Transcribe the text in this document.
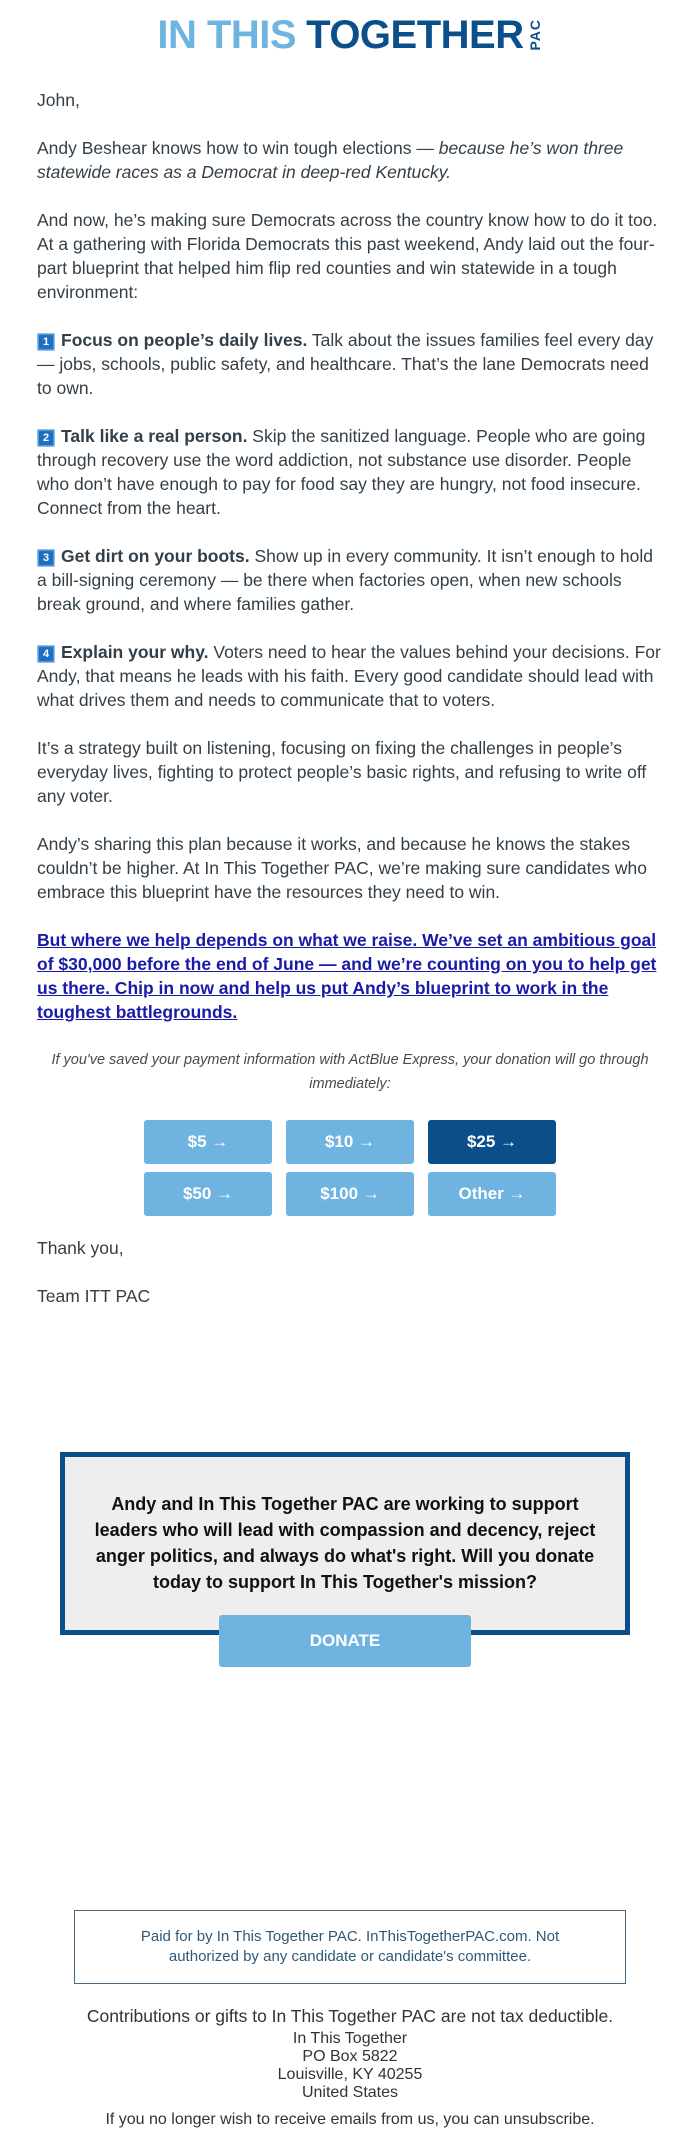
IN THIS TOGETHER PAC

John,

Andy Beshear knows how to win tough elections — because he’s won three statewide races as a Democrat in deep-red Kentucky.

And now, he’s making sure Democrats across the country know how to do it too. At a gathering with Florida Democrats this past weekend, Andy laid out the four-part blueprint that helped him flip red counties and win statewide in a tough environment:

1 Focus on people’s daily lives. Talk about the issues families feel every day — jobs, schools, public safety, and healthcare. That’s the lane Democrats need to own.

2 Talk like a real person. Skip the sanitized language. People who are going through recovery use the word addiction, not substance use disorder. People who don’t have enough to pay for food say they are hungry, not food insecure. Connect from the heart.

3 Get dirt on your boots. Show up in every community. It isn’t enough to hold a bill-signing ceremony — be there when factories open, when new schools break ground, and where families gather.

4 Explain your why. Voters need to hear the values behind your decisions. For Andy, that means he leads with his faith. Every good candidate should lead with what drives them and needs to communicate that to voters.

It’s a strategy built on listening, focusing on fixing the challenges in people’s everyday lives, fighting to protect people’s basic rights, and refusing to write off any voter.

Andy’s sharing this plan because it works, and because he knows the stakes couldn’t be higher. At In This Together PAC, we’re making sure candidates who embrace this blueprint have the resources they need to win.

But where we help depends on what we raise. We’ve set an ambitious goal of $30,000 before the end of June — and we’re counting on you to help get us there. Chip in now and help us put Andy’s blueprint to work in the toughest battlegrounds.

If you've saved your payment information with ActBlue Express, your donation will go through immediately:

$5 →	$10 →	$25 →
$50 →	$100 →	Other →

Thank you,

Team ITT PAC

Andy and In This Together PAC are working to support leaders who will lead with compassion and decency, reject anger politics, and always do what's right. Will you donate today to support In This Together's mission?
DONATE
Paid for by In This Together PAC. InThisTogetherPAC.com. Not authorized by any candidate or candidate's committee.
Contributions or gifts to In This Together PAC are not tax deductible.
In This Together
PO Box 5822
Louisville, KY 40255
United States
If you no longer wish to receive emails from us, you can unsubscribe.
